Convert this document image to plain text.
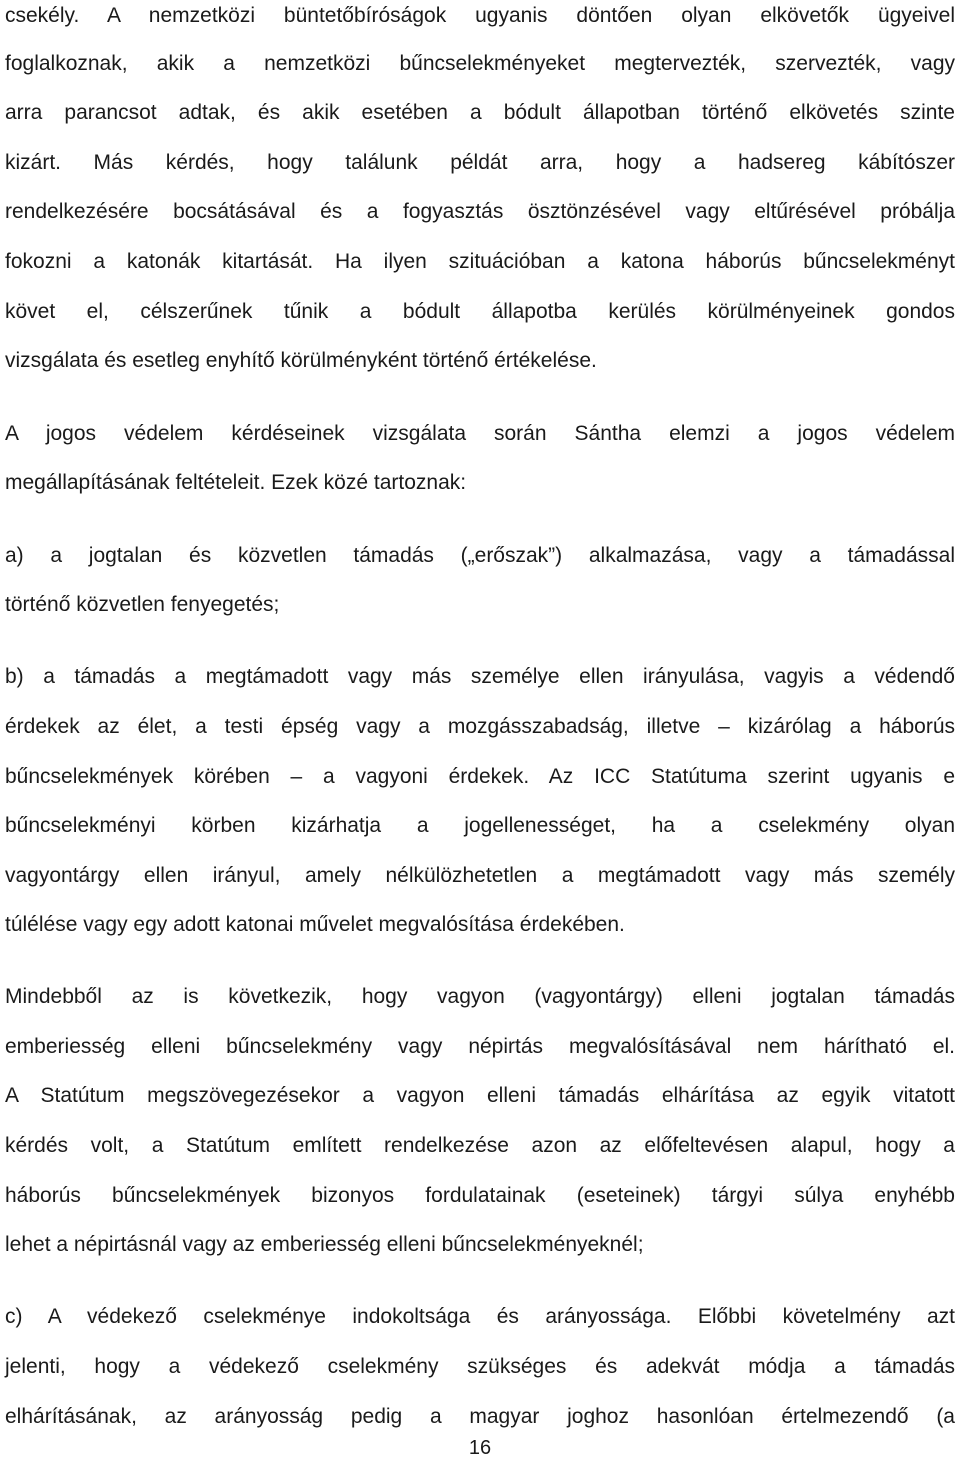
csekély. A nemzetközi büntetőbíróságok ugyanis döntően olyan elkövetők ügyeivel
foglalkoznak, akik a nemzetközi bűncselekményeket megtervezték, szervezték, vagy
arra parancsot adtak, és akik esetében a bódult állapotban történő elkövetés szinte
kizárt. Más kérdés, hogy találunk példát arra, hogy a hadsereg kábítószer
rendelkezésére bocsátásával és a fogyasztás ösztönzésével vagy eltűrésével próbálja
fokozni a katonák kitartását. Ha ilyen szituációban a katona háborús bűncselekményt
követ el, célszerűnek tűnik a bódult állapotba kerülés körülményeinek gondos
vizsgálata és esetleg enyhítő körülményként történő értékelése.
A jogos védelem kérdéseinek vizsgálata során Sántha elemzi a jogos védelem
megállapításának feltételeit. Ezek közé tartoznak:
a) a jogtalan és közvetlen támadás („erőszak”) alkalmazása, vagy a támadással
történő közvetlen fenyegetés;
b) a támadás a megtámadott vagy más személye ellen irányulása, vagyis a védendő
érdekek az élet, a testi épség vagy a mozgásszabadság, illetve – kizárólag a háborús
bűncselekmények körében – a vagyoni érdekek. Az ICC Statútuma szerint ugyanis e
bűncselekményi körben kizárhatja a jogellenességet, ha a cselekmény olyan
vagyontárgy ellen irányul, amely nélkülözhetetlen a megtámadott vagy más személy
túlélése vagy egy adott katonai művelet megvalósítása érdekében.
Mindebből az is következik, hogy vagyon (vagyontárgy) elleni jogtalan támadás
emberiesség elleni bűncselekmény vagy népirtás megvalósításával nem hárítható el.
A Statútum megszövegezésekor a vagyon elleni támadás elhárítása az egyik vitatott
kérdés volt, a Statútum említett rendelkezése azon az előfeltevésen alapul, hogy a
háborús bűncselekmények bizonyos fordulatainak (eseteinek) tárgyi súlya enyhébb
lehet a népirtásnál vagy az emberiesség elleni bűncselekményeknél;
c) A védekező cselekménye indokoltsága és arányossága. Előbbi követelmény azt
jelenti, hogy a védekező cselekmény szükséges és adekvát módja a támadás
elhárításának, az arányosság pedig a magyar joghoz hasonlóan értelmezendő (a
16
